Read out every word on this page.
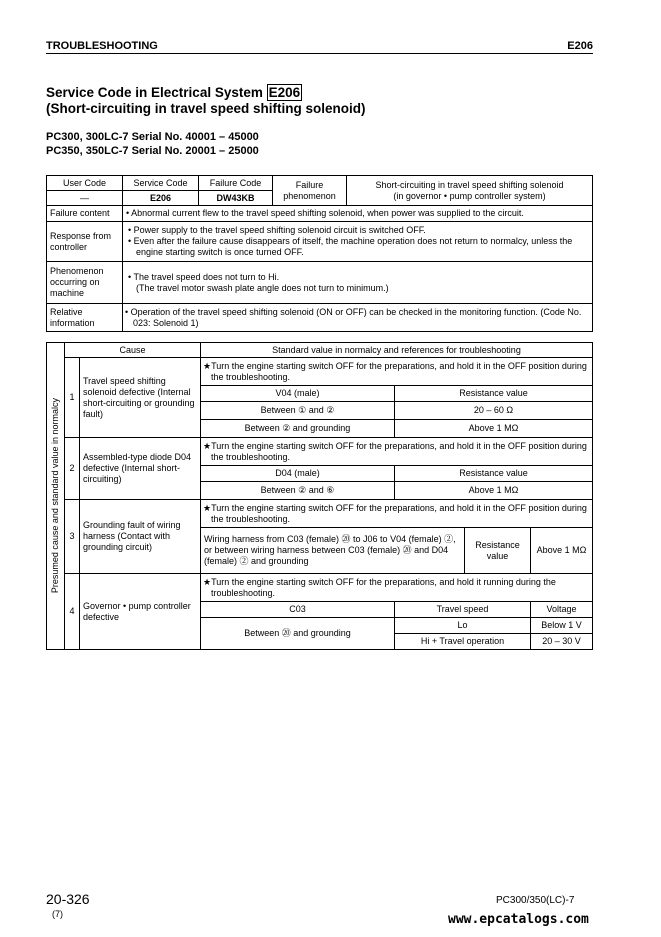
TROUBLESHOOTING	E206
Service Code in Electrical System E206
(Short-circuiting in travel speed shifting solenoid)
PC300, 300LC-7 Serial No. 40001 – 45000
PC350, 350LC-7 Serial No. 20001 – 25000
User Code	Service Code	Failure Code	Failure phenomenon	Short-circuiting in travel speed shifting solenoid
(in governor • pump controller system)

—	E206	DW43KB		
Failure content	• Abnormal current flew to the travel speed shifting solenoid, when power was supplied to the circuit.			
Response from controller	• Power supply to the travel speed shifting solenoid circuit is switched OFF.
• Even after the failure cause disappears of itself, the machine operation does not return to normalcy, unless the engine starting switch is once turned OFF.			

Phenomenon occurring on machine	• The travel speed does not turn to Hi.
(The travel motor swash plate angle does not turn to minimum.)			

Relative information	• Operation of the travel speed shifting solenoid (ON or OFF) can be checked in the monitoring function. (Code No. 023: Solenoid 1)			
Presumed cause and standard value in normalcy	Cause		Standard value in normalcy and references for troubleshooting			
	1	Travel speed shifting solenoid defective (Internal short-circuiting or grounding fault)	★ Turn the engine starting switch OFF for the preparations, and hold it in the OFF position during the troubleshooting.
			V04 (male)	Resistance value		
			Between ① and ②	20 – 60 Ω		
			Between ② and grounding	Above 1 MΩ		
	2	Assembled-type diode D04 defective (Internal short-circuiting)	★ Turn the engine starting switch OFF for the preparations, and hold it in the OFF position during the troubleshooting.
			D04 (male)	Resistance value		
			Between ② and ⑥	Above 1 MΩ		
	3	Grounding fault of wiring harness (Contact with grounding circuit)	★ Turn the engine starting switch OFF for the preparations, and hold it in the OFF position during the troubleshooting.
			Wiring harness from C03 (female) ⑳ to J06 to V04 (female) ②, or between wiring harness between C03 (female) ⑳ and D04 (female) ② and grounding		Resistance value	Above 1 MΩ
	4	Governor • pump controller defective	★ Turn the engine starting switch OFF for the preparations, and hold it running during the troubleshooting.
			C03	Travel speed		Voltage
			Between ⑳ and grounding	Lo		Below 1 V
				Hi + Travel operation		20 – 30 V
20-326
(7)
PC300/350(LC)-7
www.epcatalogs.com
